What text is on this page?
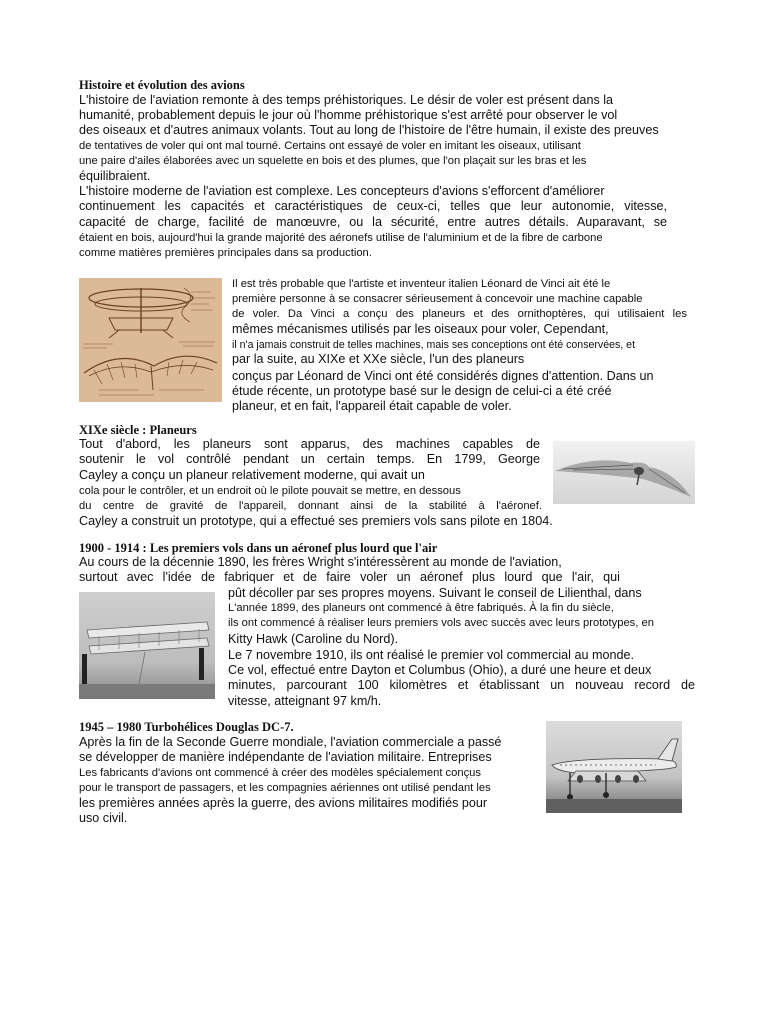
Histoire et évolution des avions
L'histoire de l'aviation remonte à des temps préhistoriques. Le désir de voler est présent dans la
humanité, probablement depuis le jour où l'homme préhistorique s'est arrêté pour observer le vol
des oiseaux et d'autres animaux volants. Tout au long de l'histoire de l'être humain, il existe des preuves
de tentatives de voler qui ont mal tourné. Certains ont essayé de voler en imitant les oiseaux, utilisant
une paire d'ailes élaborées avec un squelette en bois et des plumes, que l'on plaçait sur les bras et les
équilibraient.
L'histoire moderne de l'aviation est complexe. Les concepteurs d'avions s'efforcent d'améliorer
continuement les capacités et caractéristiques de ceux-ci, telles que leur autonomie, vitesse,
capacité de charge, facilité de manœuvre, ou la sécurité, entre autres détails. Auparavant, se
étaient en bois, aujourd'hui la grande majorité des aéronefs utilise de l'aluminium et de la fibre de carbone
comme matières premières principales dans sa production.
Il est très probable que l'artiste et inventeur italien Léonard de Vinci ait été le
première personne à se consacrer sérieusement à concevoir une machine capable
de voler. Da Vinci a conçu des planeurs et des ornithoptères, qui utilisaient les
mêmes mécanismes utilisés par les oiseaux pour voler, Cependant,
il n'a jamais construit de telles machines, mais ses conceptions ont été conservées, et
par la suite, au XIXe et XXe siècle, l'un des planeurs
conçus par Léonard de Vinci ont été considérés dignes d'attention. Dans un
étude récente, un prototype basé sur le design de celui-ci a été créé
planeur, et en fait, l'appareil était capable de voler.
XIXe siècle : Planeurs
Tout d'abord, les planeurs sont apparus, des machines capables de
soutenir le vol contrôlé pendant un certain temps. En 1799, George
Cayley a conçu un planeur relativement moderne, qui avait un
cola pour le contrôler, et un endroit où le pilote pouvait se mettre, en dessous
du centre de gravité de l'appareil, donnant ainsi de la stabilité à l'aéronef.
Cayley a construit un prototype, qui a effectué ses premiers vols sans pilote en 1804.
1900 - 1914 : Les premiers vols dans un aéronef plus lourd que l'air
Au cours de la décennie 1890, les frères Wright s'intéressèrent au monde de l'aviation,
surtout avec l'idée de fabriquer et de faire voler un aéronef plus lourd que l'air, qui
pût décoller par ses propres moyens. Suivant le conseil de Lilienthal, dans
L'année 1899, des planeurs ont commencé à être fabriqués. À la fin du siècle,
ils ont commencé à réaliser leurs premiers vols avec succès avec leurs prototypes, en
Kitty Hawk (Caroline du Nord).
Le 7 novembre 1910, ils ont réalisé le premier vol commercial au monde.
Ce vol, effectué entre Dayton et Columbus (Ohio), a duré une heure et deux
minutes, parcourant 100 kilomètres et établissant un nouveau record de
vitesse, atteignant 97 km/h.
1945 – 1980 Turbohélices Douglas DC-7.
Après la fin de la Seconde Guerre mondiale, l'aviation commerciale a passé
se développer de manière indépendante de l'aviation militaire. Entreprises
Les fabricants d'avions ont commencé à créer des modèles spécialement conçus
pour le transport de passagers, et les compagnies aériennes ont utilisé pendant les
les premières années après la guerre, des avions militaires modifiés pour
uso civil.
